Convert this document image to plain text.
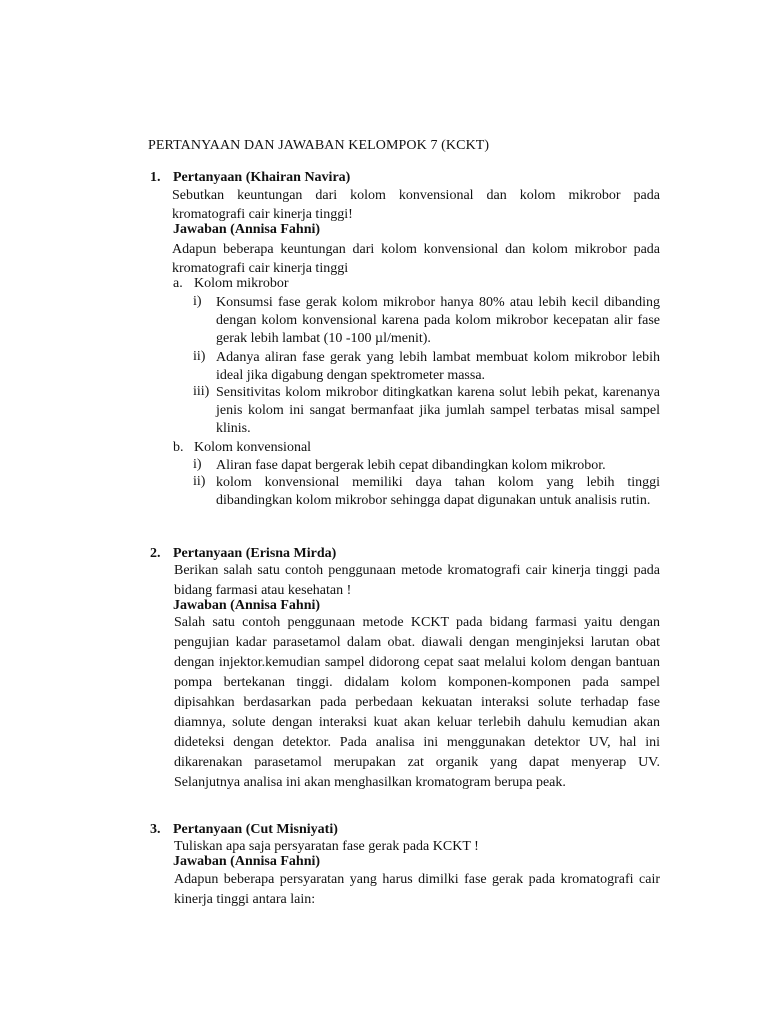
PERTANYAAN DAN JAWABAN KELOMPOK 7 (KCKT)
1. Pertanyaan (Khairan Navira)
Sebutkan keuntungan dari kolom konvensional dan kolom mikrobor pada kromatografi cair kinerja tinggi!
Jawaban (Annisa Fahni)
Adapun beberapa keuntungan dari kolom konvensional dan kolom mikrobor pada kromatografi cair kinerja tinggi
a. Kolom mikrobor
i) Konsumsi fase gerak kolom mikrobor hanya 80% atau lebih kecil dibanding dengan kolom konvensional karena pada kolom mikrobor kecepatan alir fase gerak lebih lambat (10 -100 µl/menit).
ii) Adanya aliran fase gerak yang lebih lambat membuat kolom mikrobor lebih ideal jika digabung dengan spektrometer massa.
iii) Sensitivitas kolom mikrobor ditingkatkan karena solut lebih pekat, karenanya jenis kolom ini sangat bermanfaat jika jumlah sampel terbatas misal sampel klinis.
b. Kolom konvensional
i) Aliran fase dapat bergerak lebih cepat dibandingkan kolom mikrobor.
ii) kolom konvensional memiliki daya tahan kolom yang lebih tinggi dibandingkan kolom mikrobor sehingga dapat digunakan untuk analisis rutin.
2. Pertanyaan (Erisna Mirda)
Berikan salah satu contoh penggunaan metode kromatografi cair kinerja tinggi pada bidang farmasi atau kesehatan !
Jawaban (Annisa Fahni)
Salah satu contoh penggunaan metode KCKT pada bidang farmasi yaitu dengan pengujian kadar parasetamol dalam obat. diawali dengan menginjeksi larutan obat dengan injektor.kemudian sampel didorong cepat saat melalui kolom dengan bantuan pompa bertekanan tinggi. didalam kolom komponen-komponen pada sampel dipisahkan berdasarkan pada perbedaan kekuatan interaksi solute terhadap fase diamnya, solute dengan interaksi kuat akan keluar terlebih dahulu kemudian akan dideteksi dengan detektor. Pada analisa ini menggunakan detektor UV, hal ini dikarenakan parasetamol merupakan zat organik yang dapat menyerap UV. Selanjutnya analisa ini akan menghasilkan kromatogram berupa peak.
3. Pertanyaan (Cut Misniyati)
Tuliskan apa saja persyaratan fase gerak pada KCKT !
Jawaban (Annisa Fahni)
Adapun beberapa persyaratan yang harus dimilki fase gerak pada kromatografi cair kinerja tinggi antara lain:
